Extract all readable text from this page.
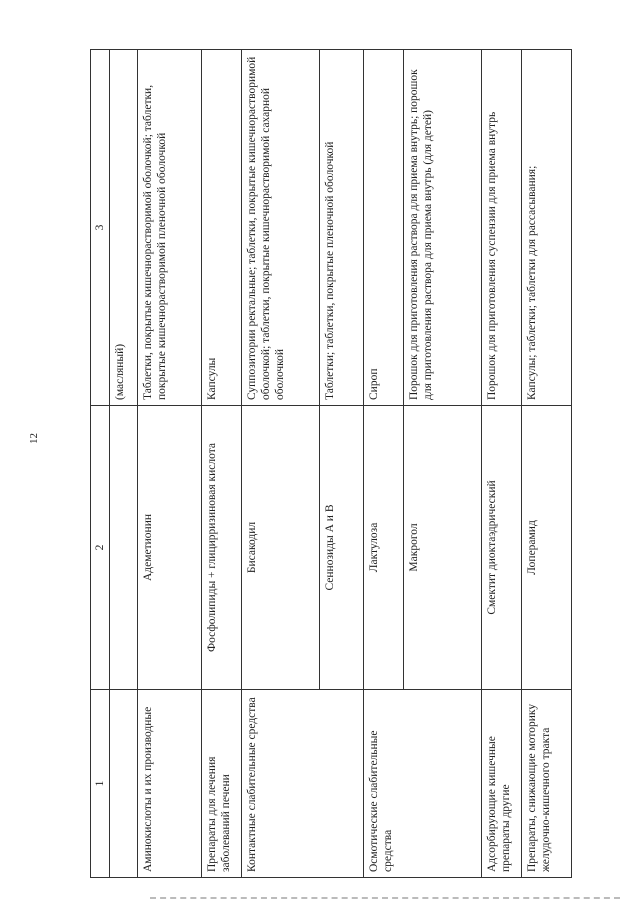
12
1	2	3
		(масляный)
Аминокислоты и их производные	Адеметионин	Таблетки, покрытые кишечнорастворимой оболочкой; таблетки, покрытые кишечнорастворимой пленочной оболочкой
Препараты для лечения заболеваний печени	Фосфолипиды + глицирризиновая кислота	Капсулы
Контактные слабительные средства	Бисакодил	Суппозитории ректальные; таблетки, покрытые кишечнорастворимой оболочкой; таблетки, покрытые кишечнорастворимой сахарной оболочкой
	Сеннозиды А и В	Таблетки; таблетки, покрытые пленочной оболочкой
Осмотические слабительные средства	Лактулоза	Сироп
	Макрогол	Порошок для приготовления раствора для приема внутрь; порошок для приготовления раствора для приема внутрь (для детей)
Адсорбирующие кишечные препараты другие	Смектит диоктаэдрический	Порошок для приготовления суспензии для приема внутрь
Препараты, снижающие моторику желудочно-кишечного тракта	Лоперамид	Капсулы; таблетки; таблетки для рассасывания;
